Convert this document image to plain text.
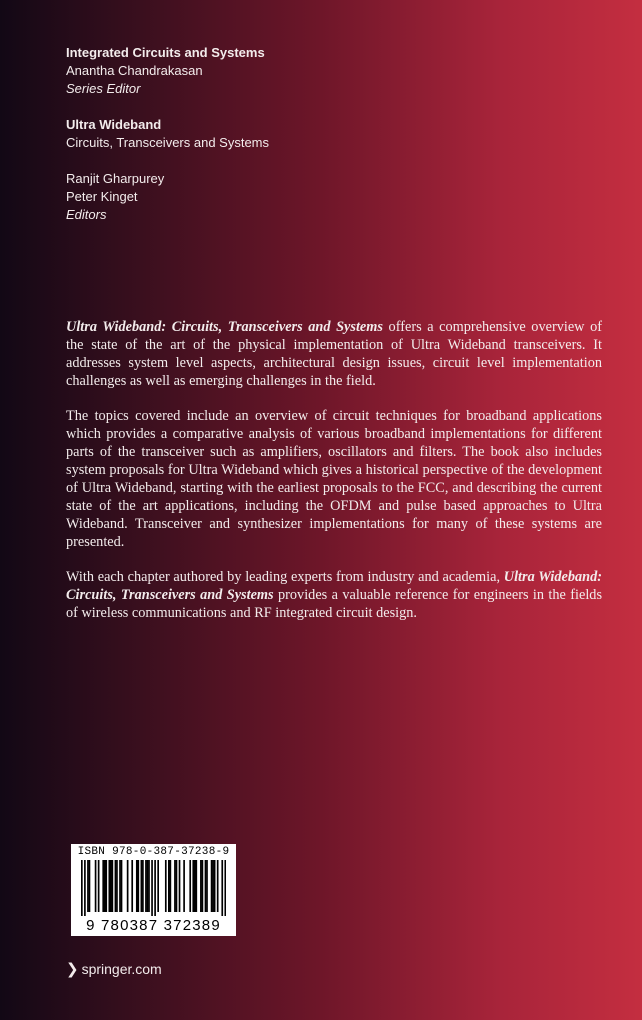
Integrated Circuits and Systems
Anantha Chandrakasan
Series Editor
Ultra Wideband
Circuits, Transceivers and Systems
Ranjit Gharpurey
Peter Kinget
Editors

Ultra Wideband: Circuits, Transceivers and Systems offers a comprehensive overview of the state of the art of the physical implementation of Ultra Wideband transceivers. It addresses system level aspects, architectural design issues, circuit level implementation challenges as well as emerging challenges in the field.

The topics covered include an overview of circuit techniques for broadband applications which provides a comparative analysis of various broadband implementations for different parts of the transceiver such as amplifiers, oscillators and filters. The book also includes system proposals for Ultra Wideband which gives a historical perspective of the development of Ultra Wideband, starting with the earliest proposals to the FCC, and describing the current state of the art applications, including the OFDM and pulse based approaches to Ultra Wideband. Transceiver and synthesizer implementations for many of these systems are presented.

With each chapter authored by leading experts from industry and academia, Ultra Wideband: Circuits, Transceivers and Systems provides a valuable reference for engineers in the fields of wireless communications and RF integrated circuit design.

ISBN 978-0-387-37238-9
9 780387 372389
❯ springer.com
